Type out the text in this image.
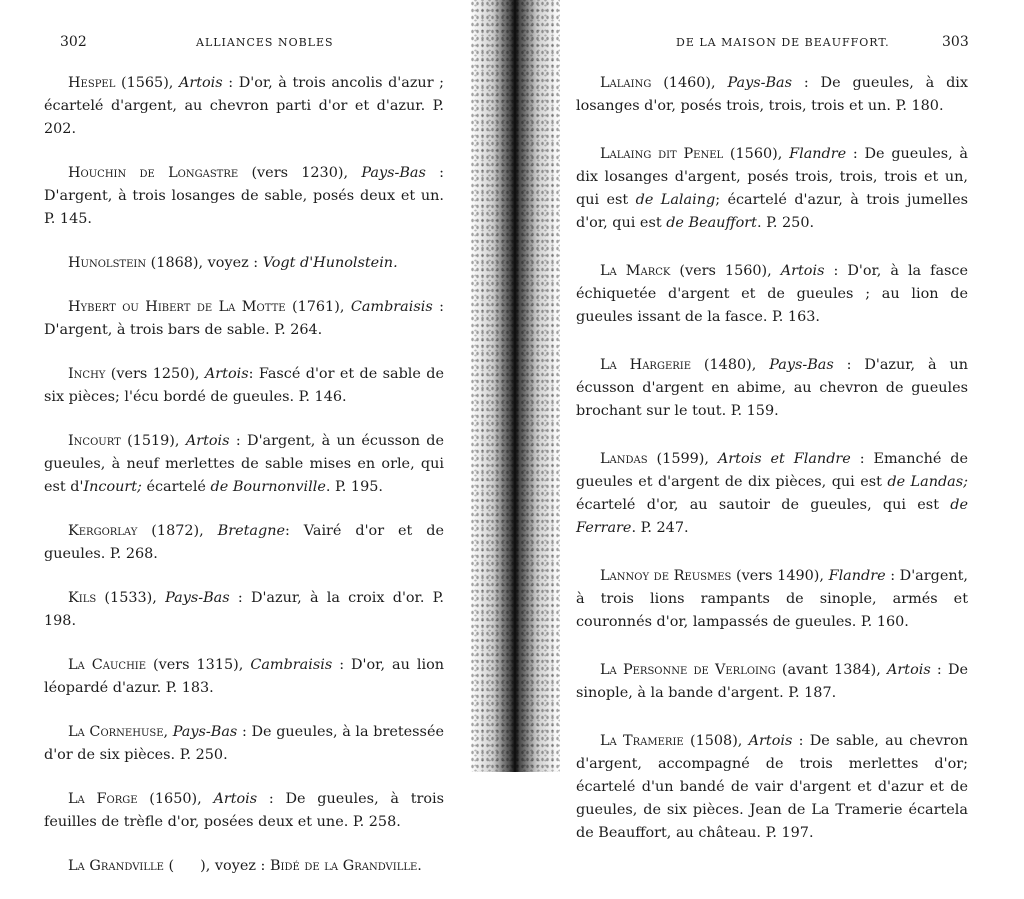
302	ALLIANCES NOBLES

Hespel (1565), Artois : D'or, à trois ancolis d'azur ; écartelé d'argent, au chevron parti d'or et d'azur. P. 202.

Houchin de Longastre (vers 1230), Pays-Bas : D'argent, à trois losanges de sable, posés deux et un. P. 145.

Hunolstein (1868), voyez : Vogt d'Hunolstein.

Hybert ou Hibert de La Motte (1761), Cambraisis : D'argent, à trois bars de sable. P. 264.

Inchy (vers 1250), Artois: Fascé d'or et de sable de six pièces; l'écu bordé de gueules. P. 146.

Incourt (1519), Artois : D'argent, à un écusson de gueules, à neuf merlettes de sable mises en orle, qui est d'Incourt; écartelé de Bournonville. P. 195.

Kergorlay (1872), Bretagne: Vairé d'or et de gueules. P. 268.

Kils (1533), Pays-Bas : D'azur, à la croix d'or. P. 198.

La Cauchie (vers 1315), Cambraisis : D'or, au lion léopardé d'azur. P. 183.

La Cornehuse, Pays-Bas : De gueules, à la bretessée d'or de six pièces. P. 250.

La Forge (1650), Artois : De gueules, à trois feuilles de trèfle d'or, posées deux et une. P. 258.

La Grandville ( ), voyez : Bidé de la Grandville.

DE LA MAISON DE BEAUFFORT.	303

Lalaing (1460), Pays-Bas : De gueules, à dix losanges d'or, posés trois, trois, trois et un. P. 180.

Lalaing dit Penel (1560), Flandre : De gueules, à dix losanges d'argent, posés trois, trois, trois et un, qui est de Lalaing; écartelé d'azur, à trois jumelles d'or, qui est de Beauffort. P. 250.

La Marck (vers 1560), Artois : D'or, à la fasce échiquetée d'argent et de gueules ; au lion de gueules issant de la fasce. P. 163.

La Hargerie (1480), Pays-Bas : D'azur, à un écusson d'argent en abime, au chevron de gueules brochant sur le tout. P. 159.

Landas (1599), Artois et Flandre : Emanché de gueules et d'argent de dix pièces, qui est de Landas; écartelé d'or, au sautoir de gueules, qui est de Ferrare. P. 247.

Lannoy de Reusmes (vers 1490), Flandre : D'argent, à trois lions rampants de sinople, armés et couronnés d'or, lampassés de gueules. P. 160.

La Personne de Verloing (avant 1384), Artois : De sinople, à la bande d'argent. P. 187.

La Tramerie (1508), Artois : De sable, au chevron d'argent, accompagné de trois merlettes d'or; écartelé d'un bandé de vair d'argent et d'azur et de gueules, de six pièces. Jean de La Tramerie écartela de Beauffort, au château. P. 197.
